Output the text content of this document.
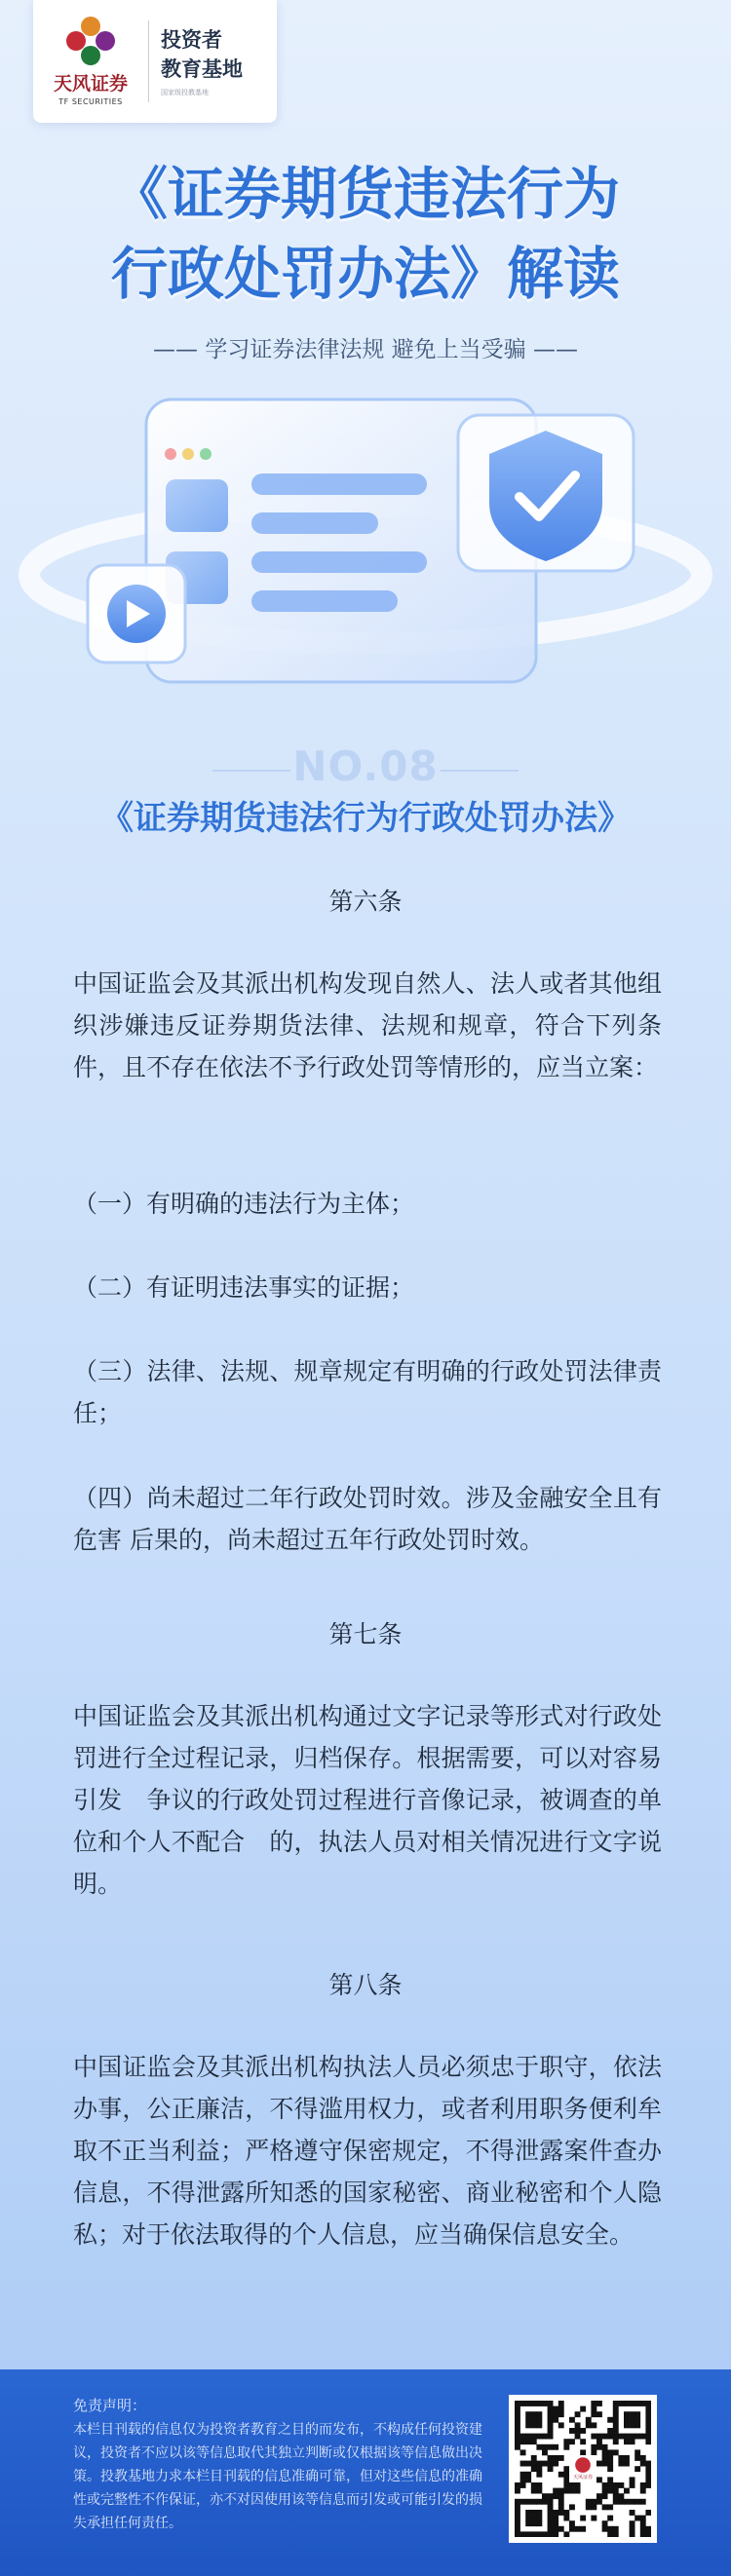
天风证券
TF SECURITIES
投资者
教育基地
国家级投教基地
《证券期货违法行为
行政处罚办法》解读
—— 学习证券法律法规 避免上当受骗 ——
NO.08
《证券期货违法行为行政处罚办法》
第六条
中国证监会及其派出机构发现自然人、法人或者其他组织涉嫌违反证券期货法律、法规和规章，符合下列条件，且不存在依法不予行政处罚等情形的，应当立案：
（一）有明确的违法行为主体；
（二）有证明违法事实的证据；
（三）法律、法规、规章规定有明确的行政处罚法律责任；
（四）尚未超过二年行政处罚时效。涉及金融安全且有危害 后果的，尚未超过五年行政处罚时效。
第七条
中国证监会及其派出机构通过文字记录等形式对行政处罚进行全过程记录，归档保存。根据需要，可以对容易引发　争议的行政处罚过程进行音像记录，被调查的单位和个人不配合　的，执法人员对相关情况进行文字说明。
第八条
中国证监会及其派出机构执法人员必须忠于职守，依法办事，公正廉洁，不得滥用权力，或者利用职务便利牟取不正当利益；严格遵守保密规定，不得泄露案件查办信息，不得泄露所知悉的国家秘密、商业秘密和个人隐私；对于依法取得的个人信息，应当确保信息安全。
免责声明：
本栏目刊载的信息仅为投资者教育之目的而发布，不构成任何投资建议，投资者不应以该等信息取代其独立判断或仅根据该等信息做出决策。投教基地力求本栏目刊载的信息准确可靠，但对这些信息的准确性或完整性不作保证，亦不对因使用该等信息而引发或可能引发的损失承担任何责任。
天风证券
